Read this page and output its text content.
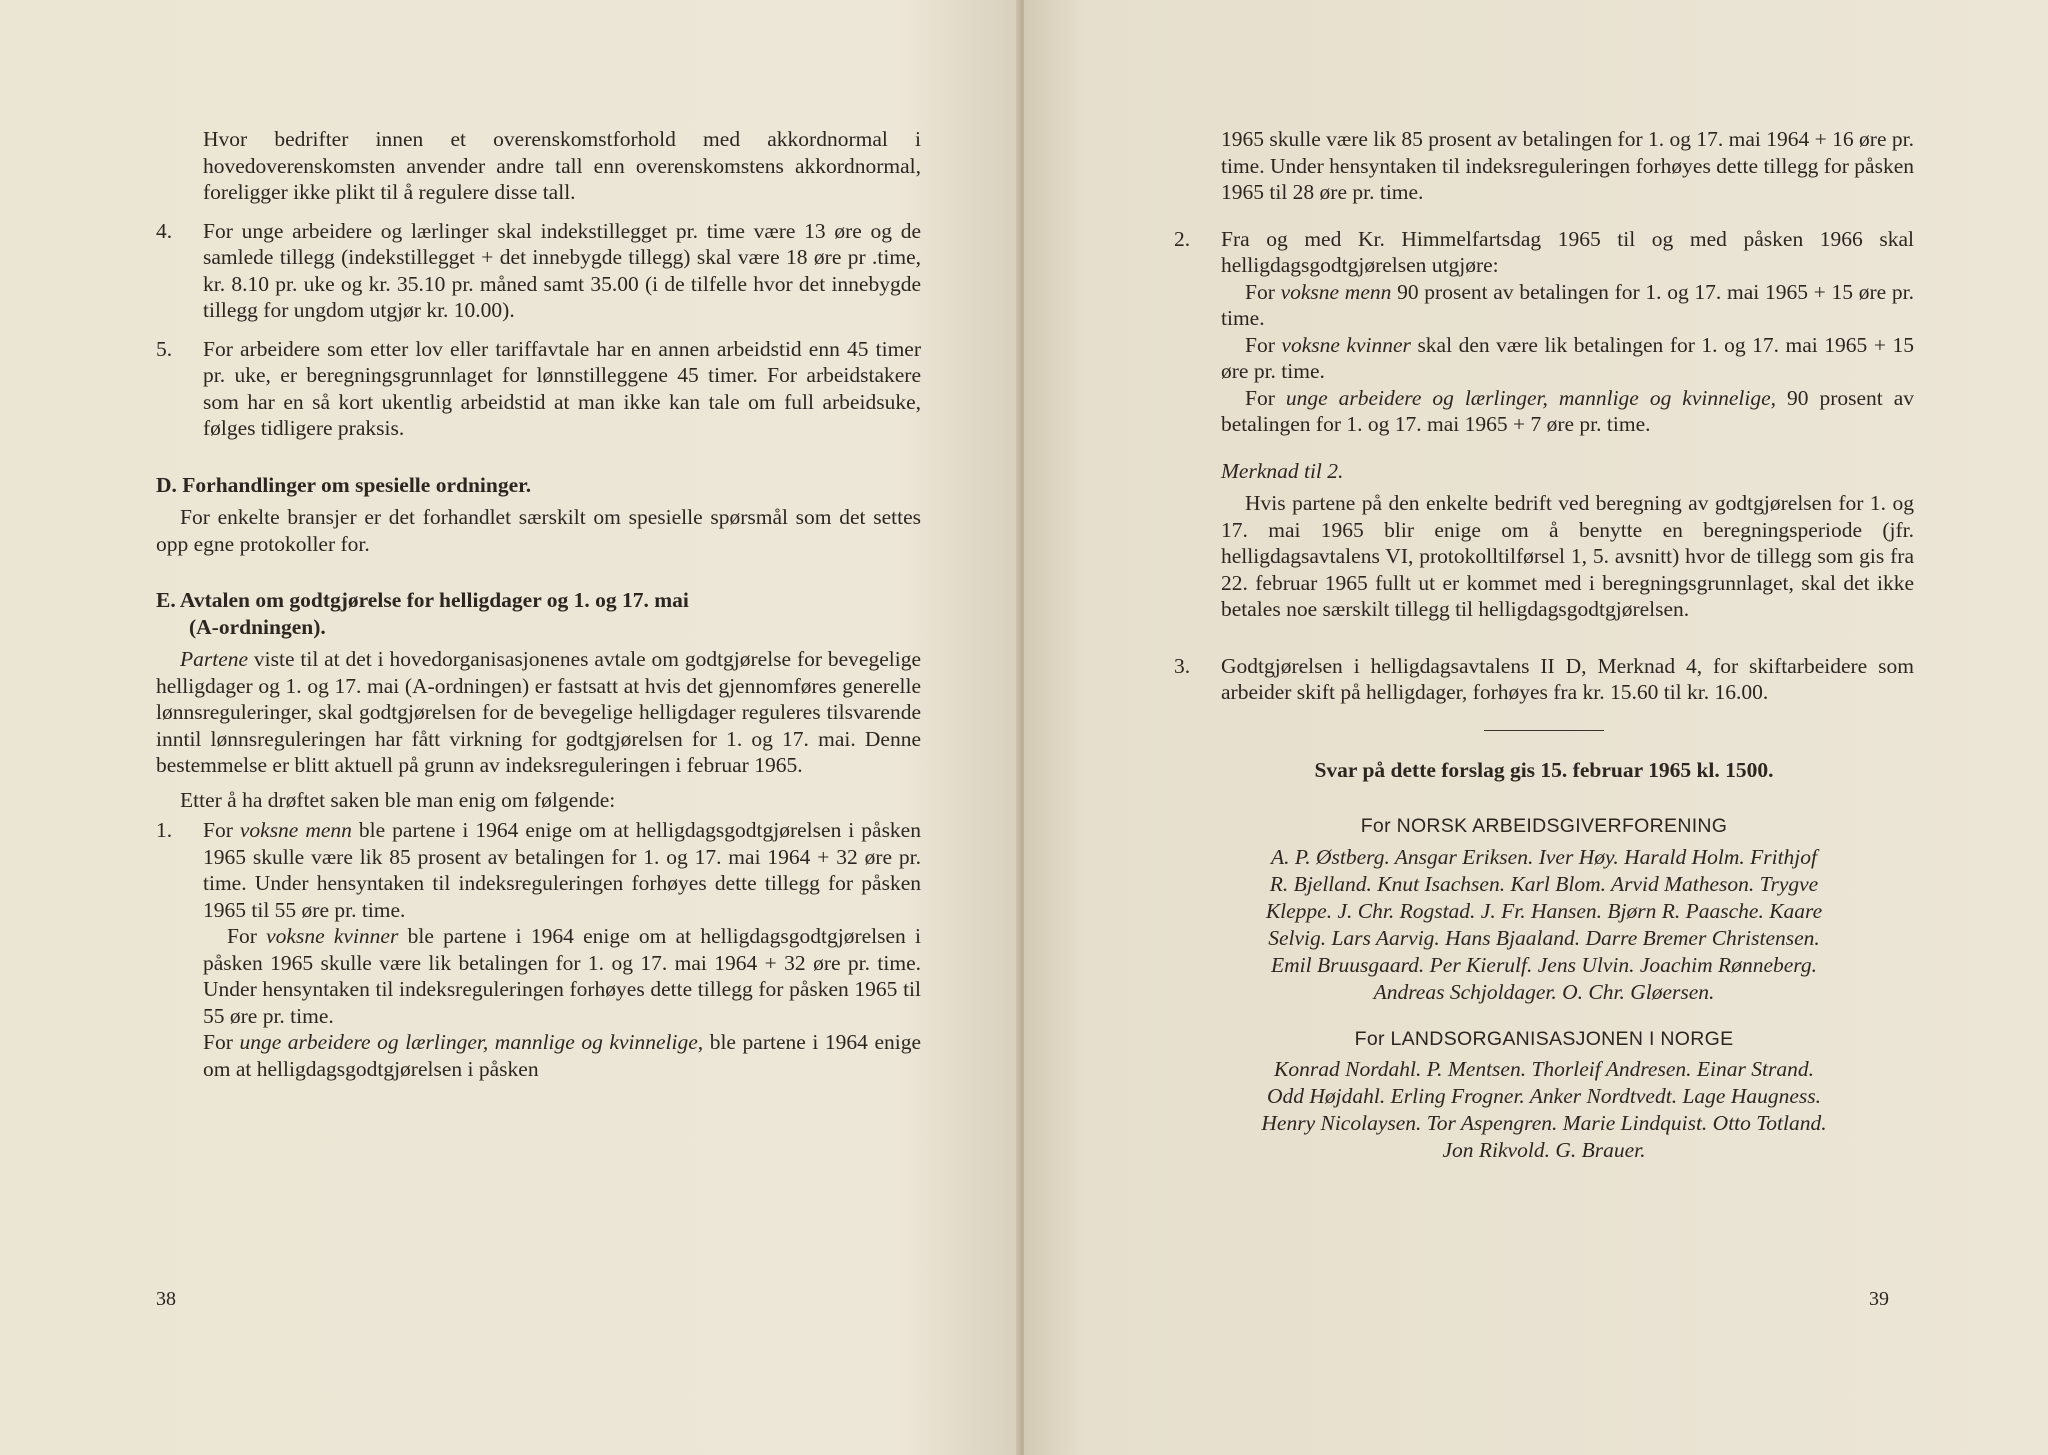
Hvor bedrifter innen et overenskomstforhold med akkordnormal i hovedoverenskomsten anvender andre tall enn overenskomstens akkordnormal, foreligger ikke plikt til å regulere disse tall.

4.	For unge arbeidere og lærlinger skal indekstillegget pr. time være 13 øre og de samlede tillegg (indekstillegget + det innebygde tillegg) skal være 18 øre pr .time, kr. 8.10 pr. uke og kr. 35.10 pr. måned samt 35.00 (i de tilfelle hvor det innebygde tillegg for ungdom utgjør kr. 10.00).

5.	For arbeidere som etter lov eller tariffavtale har en annen arbeidstid enn 45 timer pr. uke, er beregningsgrunnlaget for lønnstilleggene 45 timer. For arbeidstakere som har en så kort ukentlig arbeidstid at man ikke kan tale om full arbeidsuke, følges tidligere praksis.

D. Forhandlinger om spesielle ordninger.

For enkelte bransjer er det forhandlet særskilt om spesielle spørsmål som det settes opp egne protokoller for.

E. Avtalen om godtgjørelse for helligdager og 1. og 17. mai

(A-ordningen).

Partene viste til at det i hovedorganisasjonenes avtale om godtgjørelse for bevegelige helligdager og 1. og 17. mai (A-ordningen) er fastsatt at hvis det gjennomføres generelle lønnsreguleringer, skal godtgjørelsen for de bevegelige helligdager reguleres tilsvarende inntil lønnsreguleringen har fått virkning for godtgjørelsen for 1. og 17. mai. Denne bestemmelse er blitt aktuell på grunn av indeksreguleringen i februar 1965.

Etter å ha drøftet saken ble man enig om følgende:

1.	For voksne menn ble partene i 1964 enige om at helligdagsgodtgjørelsen i påsken 1965 skulle være lik 85 prosent av betalingen for 1. og 17. mai 1964 + 32 øre pr. time. Under hensyntaken til indeksreguleringen forhøyes dette tillegg for påsken 1965 til 55 øre pr. time.

For voksne kvinner ble partene i 1964 enige om at helligdagsgodtgjørelsen i påsken 1965 skulle være lik betalingen for 1. og 17. mai 1964 + 32 øre pr. time. Under hensyntaken til indeksreguleringen forhøyes dette tillegg for påsken 1965 til 55 øre pr. time.

For unge arbeidere og lærlinger, mannlige og kvinnelige, ble partene i 1964 enige om at helligdagsgodtgjørelsen i påsken

38

1965 skulle være lik 85 prosent av betalingen for 1. og 17. mai 1964 + 16 øre pr. time. Under hensyntaken til indeksreguleringen forhøyes dette tillegg for påsken 1965 til 28 øre pr. time.

2.	Fra og med Kr. Himmelfartsdag 1965 til og med påsken 1966 skal helligdagsgodtgjørelsen utgjøre:

For voksne menn 90 prosent av betalingen for 1. og 17. mai 1965 + 15 øre pr. time.

For voksne kvinner skal den være lik betalingen for 1. og 17. mai 1965 + 15 øre pr. time.

For unge arbeidere og lærlinger, mannlige og kvinnelige, 90 prosent av betalingen for 1. og 17. mai 1965 + 7 øre pr. time.

Merknad til 2.

Hvis partene på den enkelte bedrift ved beregning av godtgjørelsen for 1. og 17. mai 1965 blir enige om å benytte en beregningsperiode (jfr. helligdagsavtalens VI, protokolltilførsel 1, 5. avsnitt) hvor de tillegg som gis fra 22. februar 1965 fullt ut er kommet med i beregningsgrunnlaget, skal det ikke betales noe særskilt tillegg til helligdagsgodtgjørelsen.

3.	Godtgjørelsen i helligdagsavtalens II D, Merknad 4, for skiftarbeidere som arbeider skift på helligdager, forhøyes fra kr. 15.60 til kr. 16.00.

Svar på dette forslag gis 15. februar 1965 kl. 1500.

For NORSK ARBEIDSGIVERFORENING

A. P. Østberg. Ansgar Eriksen. Iver Høy. Harald Holm. Frithjof

R. Bjelland. Knut Isachsen. Karl Blom. Arvid Matheson. Trygve

Kleppe. J. Chr. Rogstad. J. Fr. Hansen. Bjørn R. Paasche. Kaare

Selvig. Lars Aarvig. Hans Bjaaland. Darre Bremer Christensen.

Emil Bruusgaard. Per Kierulf. Jens Ulvin. Joachim Rønneberg.

Andreas Schjoldager. O. Chr. Gløersen.

For LANDSORGANISASJONEN I NORGE

Konrad Nordahl. P. Mentsen. Thorleif Andresen. Einar Strand.

Odd Højdahl. Erling Frogner. Anker Nordtvedt. Lage Haugness.

Henry Nicolaysen. Tor Aspengren. Marie Lindquist. Otto Totland.

Jon Rikvold. G. Brauer.

39
